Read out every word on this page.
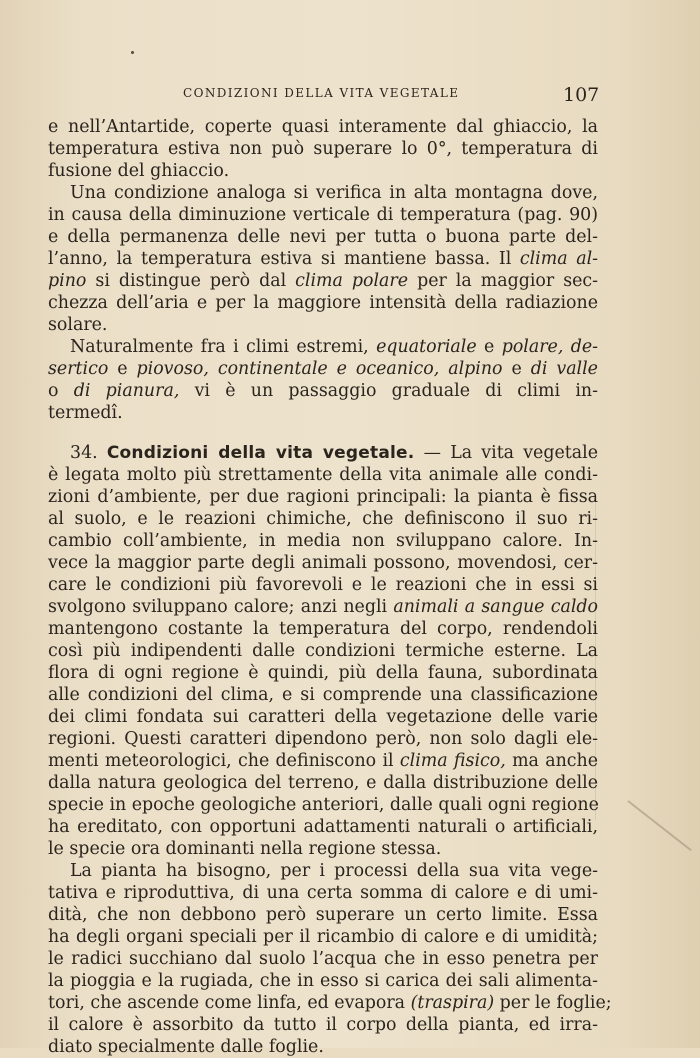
CONDIZIONI DELLA VITA VEGETALE	107
e nell’Antartide, coperte quasi interamente dal ghiaccio, la
temperatura estiva non può superare lo 0°, temperatura di
fusione del ghiaccio.
Una condizione analoga si verifica in alta montagna dove,
in causa della diminuzione verticale di temperatura (pag. 90)
e della permanenza delle nevi per tutta o buona parte del-
l’anno, la temperatura estiva si mantiene bassa. Il clima al-
pino si distingue però dal clima polare per la maggior sec-
chezza dell’aria e per la maggiore intensità della radiazione
solare.
Naturalmente fra i climi estremi, equatoriale e polare, de-
sertico e piovoso, continentale e oceanico, alpino e di valle
o di pianura, vi è un passaggio graduale di climi in-
termedî.
34. Condizioni della vita vegetale. — La vita vegetale
è legata molto più strettamente della vita animale alle condi-
zioni d’ambiente, per due ragioni principali: la pianta è fissa
al suolo, e le reazioni chimiche, che definiscono il suo ri-
cambio coll’ambiente, in media non sviluppano calore. In-
vece la maggior parte degli animali possono, movendosi, cer-
care le condizioni più favorevoli e le reazioni che in essi si
svolgono sviluppano calore; anzi negli animali a sangue caldo
mantengono costante la temperatura del corpo, rendendoli
così più indipendenti dalle condizioni termiche esterne. La
flora di ogni regione è quindi, più della fauna, subordinata
alle condizioni del clima, e si comprende una classificazione
dei climi fondata sui caratteri della vegetazione delle varie
regioni. Questi caratteri dipendono però, non solo dagli ele-
menti meteorologici, che definiscono il clima fisico, ma anche
dalla natura geologica del terreno, e dalla distribuzione delle
specie in epoche geologiche anteriori, dalle quali ogni regione
ha ereditato, con opportuni adattamenti naturali o artificiali,
le specie ora dominanti nella regione stessa.
La pianta ha bisogno, per i processi della sua vita vege-
tativa e riproduttiva, di una certa somma di calore e di umi-
dità, che non debbono però superare un certo limite. Essa
ha degli organi speciali per il ricambio di calore e di umidità;
le radici succhiano dal suolo l’acqua che in esso penetra per
la pioggia e la rugiada, che in esso si carica dei sali alimenta-
tori, che ascende come linfa, ed evapora (traspira) per le foglie;
il calore è assorbito da tutto il corpo della pianta, ed irra-
diato specialmente dalle foglie.
